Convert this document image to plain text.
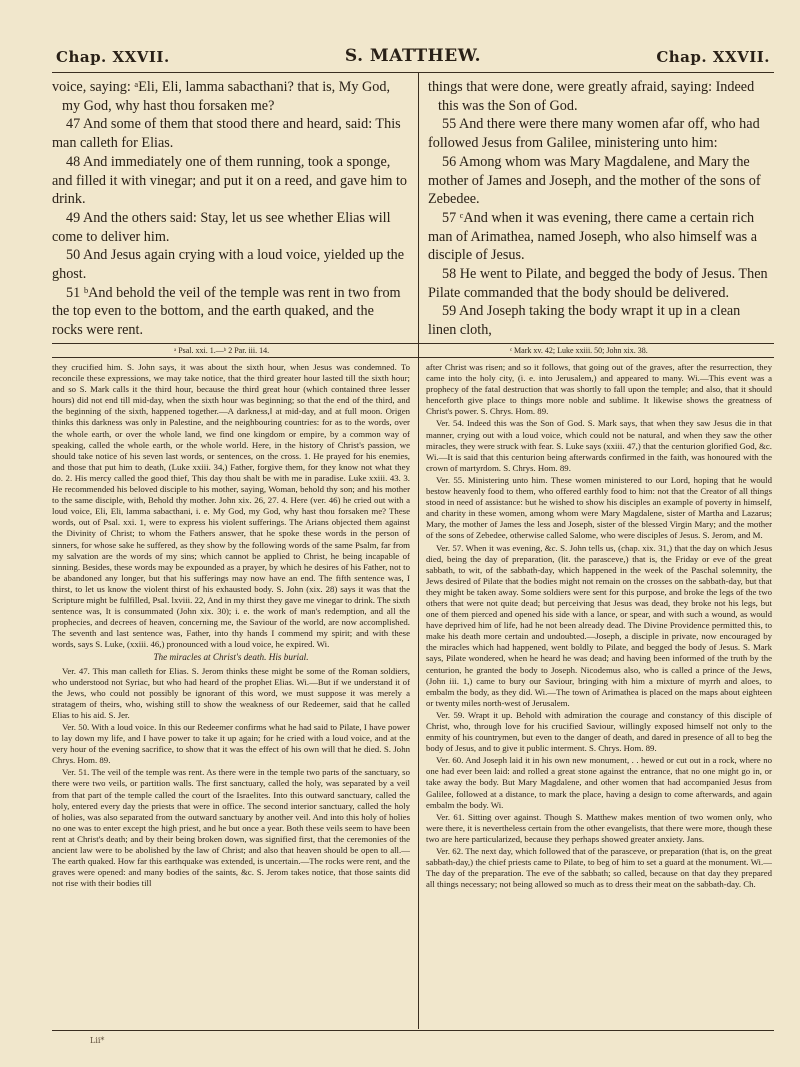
Chap. XXVII.	S. MATTHEW.	Chap. XXVII.

voice, saying: ᵃEli, Eli, lamma sabacthani? that is, My God, my God, why hast thou forsaken me?

47 And some of them that stood there and heard, said: This man calleth for Elias.

48 And immediately one of them running, took a sponge, and filled it with vinegar; and put it on a reed, and gave him to drink.

49 And the others said: Stay, let us see whether Elias will come to deliver him.

50 And Jesus again crying with a loud voice, yielded up the ghost.

51 ᵇAnd behold the veil of the temple was rent in two from the top even to the bottom, and the earth quaked, and the rocks were rent.

things that were done, were greatly afraid, saying: Indeed this was the Son of God.

55 And there were there many women afar off, who had followed Jesus from Galilee, ministering unto him:

56 Among whom was Mary Magdalene, and Mary the mother of James and Joseph, and the mother of the sons of Zebedee.

57 ᶜAnd when it was evening, there came a certain rich man of Arimathea, named Joseph, who also himself was a disciple of Jesus.

58 He went to Pilate, and begged the body of Jesus. Then Pilate commanded that the body should be delivered.

59 And Joseph taking the body wrapt it up in a clean linen cloth,

ᵃ Psal. xxi. 1.—ᵇ 2 Par. iii. 14.	ᶜ Mark xv. 42; Luke xxiii. 50; John xix. 38.

they crucified him. S. John says, it was about the sixth hour, when Jesus was condemned. To reconcile these expressions, we may take notice, that the third greater hour lasted till the sixth hour; and so S. Mark calls it the third hour, because the third great hour (which contained three lesser hours) did not end till mid-day, when the sixth hour was beginning; so that the end of the third, and the beginning of the sixth, happened together.—A darkness,‖ at mid-day, and at full moon. Origen thinks this darkness was only in Palestine, and the neighbouring countries: for as to the words, over the whole earth, or over the whole land, we find one kingdom or empire, by a common way of speaking, called the whole earth, or the whole world. Here, in the history of Christ's passion, we should take notice of his seven last words, or sentences, on the cross. 1. He prayed for his enemies, and those that put him to death, (Luke xxiii. 34,) Father, forgive them, for they know not what they do. 2. His mercy called the good thief, This day thou shalt be with me in paradise. Luke xxiii. 43. 3. He recommended his beloved disciple to his mother, saying, Woman, behold thy son; and his mother to the same disciple, with, Behold thy mother. John xix. 26, 27. 4. Here (ver. 46) he cried out with a loud voice, Eli, Eli, lamma sabacthani, i. e. My God, my God, why hast thou forsaken me? These words, out of Psal. xxi. 1, were to express his violent sufferings. The Arians objected them against the Divinity of Christ; to whom the Fathers answer, that he spoke these words in the person of sinners, for whose sake he suffered, as they show by the following words of the same Psalm, far from my salvation are the words of my sins; which cannot be applied to Christ, he being incapable of sinning. Besides, these words may be expounded as a prayer, by which he desires of his Father, not to be abandoned any longer, but that his sufferings may now have an end. The fifth sentence was, I thirst, to let us know the violent thirst of his exhausted body. S. John (xix. 28) says it was that the Scripture might be fulfilled, Psal. lxviii. 22, And in my thirst they gave me vinegar to drink. The sixth sentence was, It is consummated (John xix. 30); i. e. the work of man's redemption, and all the prophecies, and decrees of heaven, concerning me, the Saviour of the world, are now accomplished. The seventh and last sentence was, Father, into thy hands I commend my spirit; and with these words, says S. Luke, (xxiii. 46,) pronounced with a loud voice, he expired. Wi.

The miracles at Christ's death. His burial.

Ver. 47. This man calleth for Elias. S. Jerom thinks these might be some of the Roman soldiers, who understood not Syriac, but who had heard of the prophet Elias. Wi.—But if we understand it of the Jews, who could not possibly be ignorant of this word, we must suppose it was merely a stratagem of theirs, who, wishing still to show the weakness of our Redeemer, said that he called Elias to his aid. S. Jer.

Ver. 50. With a loud voice. In this our Redeemer confirms what he had said to Pilate, I have power to lay down my life, and I have power to take it up again; for he cried with a loud voice, and at the very hour of the evening sacrifice, to show that it was the effect of his own will that he died. S. John Chrys. Hom. 89.

Ver. 51. The veil of the temple was rent. As there were in the temple two parts of the sanctuary, so there were two veils, or partition walls. The first sanctuary, called the holy, was separated by a veil from that part of the temple called the court of the Israelites. Into this outward sanctuary, called the holy, entered every day the priests that were in office. The second interior sanctuary, called the holy of holies, was also separated from the outward sanctuary by another veil. And into this holy of holies no one was to enter except the high priest, and he but once a year. Both these veils seem to have been rent at Christ's death; and by their being broken down, was signified first, that the ceremonies of the ancient law were to be abolished by the law of Christ; and also that heaven should be open to all.—The earth quaked. How far this earthquake was extended, is uncertain.—The rocks were rent, and the graves were opened: and many bodies of the saints, &c. S. Jerom takes notice, that those saints did not rise with their bodies till

after Christ was risen; and so it follows, that going out of the graves, after the resurrection, they came into the holy city, (i. e. into Jerusalem,) and appeared to many. Wi.—This event was a prophecy of the fatal destruction that was shortly to fall upon the temple; and also, that it should henceforth give place to things more noble and sublime. It likewise shows the greatness of Christ's power. S. Chrys. Hom. 89.

Ver. 54. Indeed this was the Son of God. S. Mark says, that when they saw Jesus die in that manner, crying out with a loud voice, which could not be natural, and when they saw the other miracles, they were struck with fear. S. Luke says (xxiii. 47,) that the centurion glorified God, &c. Wi.—It is said that this centurion being afterwards confirmed in the faith, was honoured with the crown of martyrdom. S. Chrys. Hom. 89.

Ver. 55. Ministering unto him. These women ministered to our Lord, hoping that he would bestow heavenly food to them, who offered earthly food to him: not that the Creator of all things stood in need of assistance: but he wished to show his disciples an example of poverty in himself, and charity in these women, among whom were Mary Magdalene, sister of Martha and Lazarus; Mary, the mother of James the less and Joseph, sister of the blessed Virgin Mary; and the mother of the sons of Zebedee, otherwise called Salome, who were disciples of Jesus. S. Jerom, and M.

Ver. 57. When it was evening, &c. S. John tells us, (chap. xix. 31,) that the day on which Jesus died, being the day of preparation, (lit. the parasceve,) that is, the Friday or eve of the great sabbath, to wit, of the sabbath-day, which happened in the week of the Paschal solemnity, the Jews desired of Pilate that the bodies might not remain on the crosses on the sabbath-day, but that they might be taken away. Some soldiers were sent for this purpose, and broke the legs of the two others that were not quite dead; but perceiving that Jesus was dead, they broke not his legs, but one of them pierced and opened his side with a lance, or spear, and with such a wound, as would have deprived him of life, had he not been already dead. The Divine Providence permitted this, to make his death more certain and undoubted.—Joseph, a disciple in private, now encouraged by the miracles which had happened, went boldly to Pilate, and begged the body of Jesus. S. Mark says, Pilate wondered, when he heard he was dead; and having been informed of the truth by the centurion, he granted the body to Joseph. Nicodemus also, who is called a prince of the Jews, (John iii. 1,) came to bury our Saviour, bringing with him a mixture of myrrh and aloes, to embalm the body, as they did. Wi.—The town of Arimathea is placed on the maps about eighteen or twenty miles north-west of Jerusalem.

Ver. 59. Wrapt it up. Behold with admiration the courage and constancy of this disciple of Christ, who, through love for his crucified Saviour, willingly exposed himself not only to the enmity of his countrymen, but even to the danger of death, and dared in presence of all to beg the body of Jesus, and to give it public interment. S. Chrys. Hom. 89.

Ver. 60. And Joseph laid it in his own new monument, . . hewed or cut out in a rock, where no one had ever been laid: and rolled a great stone against the entrance, that no one might go in, or take away the body. But Mary Magdalene, and other women that had accompanied Jesus from Galilee, followed at a distance, to mark the place, having a design to come afterwards, and again embalm the body. Wi.

Ver. 61. Sitting over against. Though S. Matthew makes mention of two women only, who were there, it is nevertheless certain from the other evangelists, that there were more, though these two are here particularized, because they perhaps showed greater anxiety. Jans.

Ver. 62. The next day, which followed that of the parasceve, or preparation (that is, on the great sabbath-day,) the chief priests came to Pilate, to beg of him to set a guard at the monument. Wi.—The day of the preparation. The eve of the sabbath; so called, because on that day they prepared all things necessary; not being allowed so much as to dress their meat on the sabbath-day. Ch.

Lii*
